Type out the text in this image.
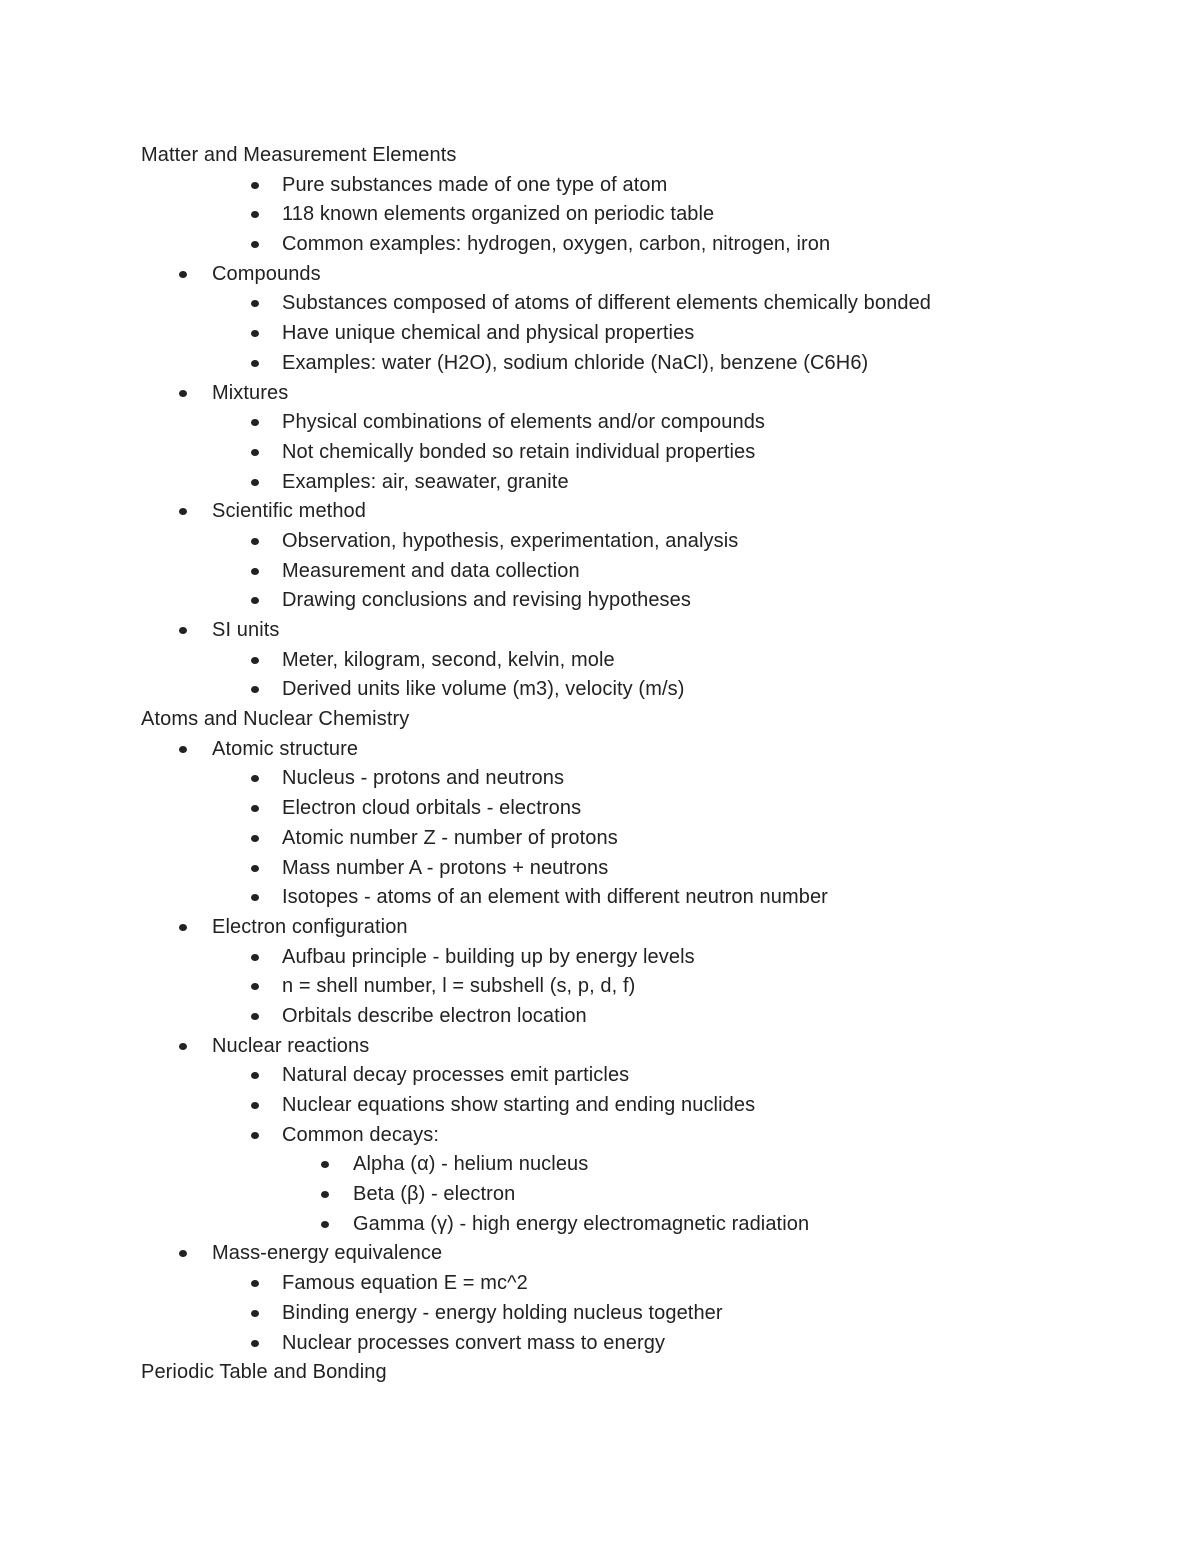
Matter and Measurement Elements
Pure substances made of one type of atom
118 known elements organized on periodic table
Common examples: hydrogen, oxygen, carbon, nitrogen, iron
Compounds
Substances composed of atoms of different elements chemically bonded
Have unique chemical and physical properties
Examples: water (H2O), sodium chloride (NaCl), benzene (C6H6)
Mixtures
Physical combinations of elements and/or compounds
Not chemically bonded so retain individual properties
Examples: air, seawater, granite
Scientific method
Observation, hypothesis, experimentation, analysis
Measurement and data collection
Drawing conclusions and revising hypotheses
SI units
Meter, kilogram, second, kelvin, mole
Derived units like volume (m3), velocity (m/s)
Atoms and Nuclear Chemistry
Atomic structure
Nucleus - protons and neutrons
Electron cloud orbitals - electrons
Atomic number Z - number of protons
Mass number A - protons + neutrons
Isotopes - atoms of an element with different neutron number
Electron configuration
Aufbau principle - building up by energy levels
n = shell number, l = subshell (s, p, d, f)
Orbitals describe electron location
Nuclear reactions
Natural decay processes emit particles
Nuclear equations show starting and ending nuclides
Common decays:
Alpha (α) - helium nucleus
Beta (β) - electron
Gamma (γ) - high energy electromagnetic radiation
Mass-energy equivalence
Famous equation E = mc^2
Binding energy - energy holding nucleus together
Nuclear processes convert mass to energy
Periodic Table and Bonding
